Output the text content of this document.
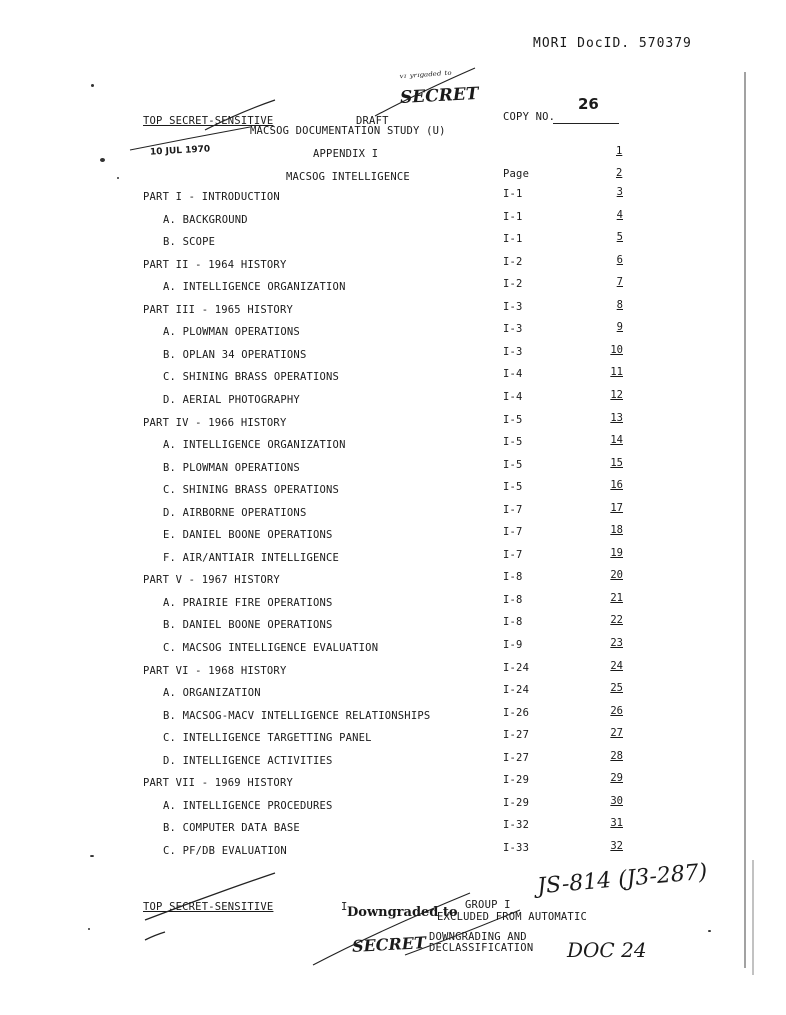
MORI DocID. 570379
ᵛᶦ ʸʳᶦᵍᵃᵈᵉᵈ ᵗᵒ
SECRET	26
TOP SECRET-SENSITIVE	DRAFT	COPY NO.
MACSOG DOCUMENTATION STUDY (U)
10 JUL 1970	APPENDIX I
MACSOG INTELLIGENCE	Page
1
2
PART I - INTRODUCTION	I-1	3
A. BACKGROUND	I-1	4
B. SCOPE	I-1	5
PART II - 1964 HISTORY	I-2	6
A. INTELLIGENCE ORGANIZATION	I-2	7
PART III - 1965 HISTORY	I-3	8
A. PLOWMAN OPERATIONS	I-3	9
B. OPLAN 34 OPERATIONS	I-3	10
C. SHINING BRASS OPERATIONS	I-4	11
D. AERIAL PHOTOGRAPHY	I-4	12
PART IV - 1966 HISTORY	I-5	13
A. INTELLIGENCE ORGANIZATION	I-5	14
B. PLOWMAN OPERATIONS	I-5	15
C. SHINING BRASS OPERATIONS	I-5	16
D. AIRBORNE OPERATIONS	I-7	17
E. DANIEL BOONE OPERATIONS	I-7	18
F. AIR/ANTIAIR INTELLIGENCE	I-7	19
PART V - 1967 HISTORY	I-8	20
A. PRAIRIE FIRE OPERATIONS	I-8	21
B. DANIEL BOONE OPERATIONS	I-8	22
C. MACSOG INTELLIGENCE EVALUATION	I-9	23
PART VI - 1968 HISTORY	I-24	24
A. ORGANIZATION	I-24	25
B. MACSOG-MACV INTELLIGENCE RELATIONSHIPS	I-26	26
C. INTELLIGENCE TARGETTING PANEL	I-27	27
D. INTELLIGENCE ACTIVITIES	I-27	28
PART VII - 1969 HISTORY	I-29	29
A. INTELLIGENCE PROCEDURES	I-29	30
B. COMPUTER DATA BASE	I-32	31
C. PF/DB EVALUATION	I-33	32
TOP SECRET-SENSITIVE	I Downgraded to GROUP I
EXCLUDED FROM AUTOMATIC
DOWNGRADING AND
DECLASSIFICATION
SECRET
JS-814 (J3-287)
DOC 24
